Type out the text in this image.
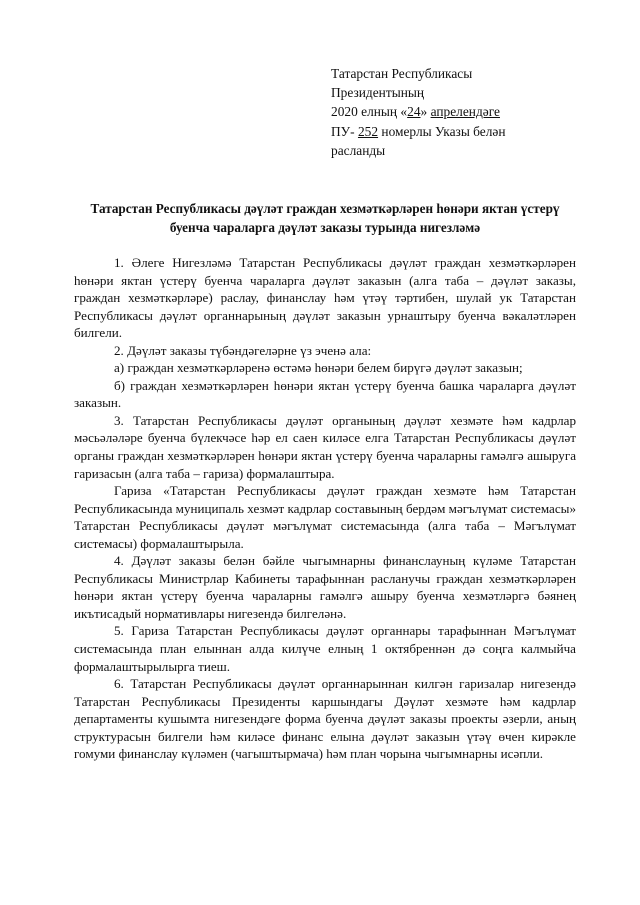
Татарстан Республикасы
Президентының
2020 елның «24» апрелендәге
ПУ- 252 номерлы Указы белән
расланды
Татарстан Республикасы дәүләт граждан хезмәткәрләрен һөнәри яктан үстерү буенча чараларга дәүләт заказы турында нигезләмә

1. Әлеге Нигезләмә Татарстан Республикасы дәүләт граждан хезмәткәрләрен һөнәри яктан үстерү буенча чараларга дәүләт заказын (алга таба – дәүләт заказы, граждан хезмәткәрләре) раслау, финанслау һәм үтәү тәртибен, шулай ук Татарстан Республикасы дәүләт органнарының дәүләт заказын урнаштыру буенча вәкаләтләрен билгели.

2. Дәүләт заказы түбәндәгеләрне үз эченә ала:

а) граждан хезмәткәрләренә өстәмә һөнәри белем бирүгә дәүләт заказын;

б) граждан хезмәткәрләрен һөнәри яктан үстерү буенча башка чараларга дәүләт заказын.

3. Татарстан Республикасы дәүләт органының дәүләт хезмәте һәм кадрлар мәсьәләләре буенча бүлекчәсе һәр ел саен киләсе елга Татарстан Республикасы дәүләт органы граждан хезмәткәрләрен һөнәри яктан үстерү буенча чараларны гамәлгә ашыруга гаризасын (алга таба – гариза) формалаштыра.

Гариза «Татарстан Республикасы дәүләт граждан хезмәте һәм Татарстан Республикасында муниципаль хезмәт кадрлар составының бердәм мәгълүмат системасы» Татарстан Республикасы дәүләт мәгълүмат системасында (алга таба – Мәгълүмат системасы) формалаштырыла.

4. Дәүләт заказы белән бәйле чыгымнарны финанслауның күләме Татарстан Республикасы Министрлар Кабинеты тарафыннан расланучы граждан хезмәткәрләрен һөнәри яктан үстерү буенча чараларны гамәлгә ашыру буенча хезмәтләргә бәянең икътисадый нормативлары нигезендә билгеләнә.

5. Гариза Татарстан Республикасы дәүләт органнары тарафыннан Мәгълүмат системасында план елыннан алда килүче елның 1 октябреннән дә соңга калмыйча формалаштырылырга тиеш.

6. Татарстан Республикасы дәүләт органнарыннан килгән гаризалар нигезендә Татарстан Республикасы Президенты каршындагы Дәүләт хезмәте һәм кадрлар департаменты кушымта нигезендәге форма буенча дәүләт заказы проекты әзерли, аның структурасын билгели һәм киләсе финанс елына дәүләт заказын үтәү өчен кирәкле гомуми финанслау күләмен (чагыштырмача) һәм план чорына чыгымнарны исәпли.
